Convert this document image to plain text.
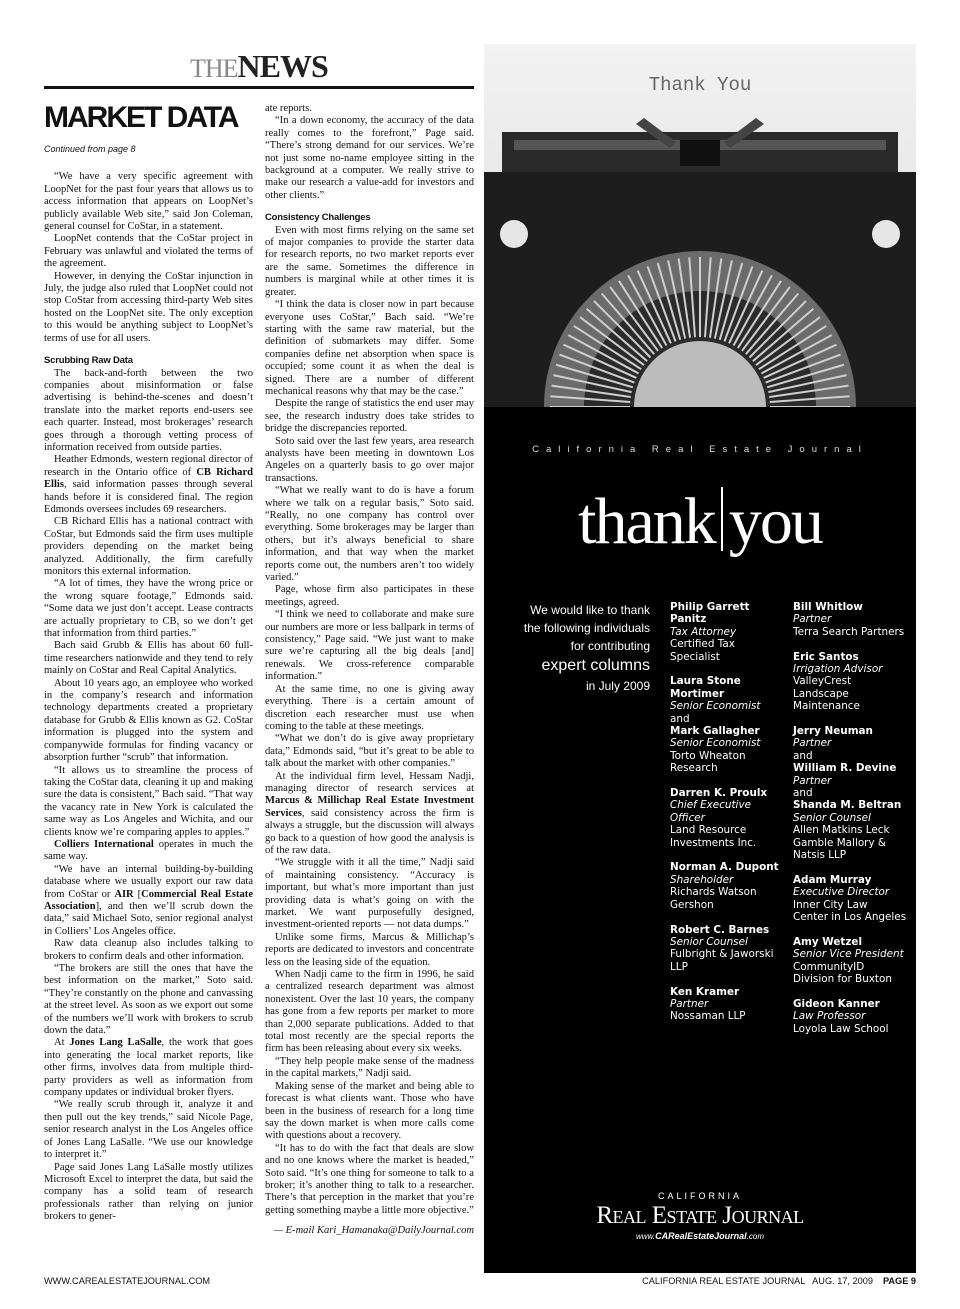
THENEWS
MARKET DATA
Continued from page 8

“We have a very specific agreement with LoopNet for the past four years that allows us to access information that appears on LoopNet’s publicly available Web site,” said Jon Coleman, general counsel for CoStar, in a statement.

LoopNet contends that the CoStar project in February was unlawful and violated the terms of the agreement.

However, in denying the CoStar injunction in July, the judge also ruled that LoopNet could not stop CoStar from accessing third-party Web sites hosted on the LoopNet site. The only exception to this would be anything subject to LoopNet’s terms of use for all users.

Scrubbing Raw Data

The back-and-forth between the two companies about misinformation or false advertising is behind-the-scenes and doesn’t translate into the market reports end-users see each quarter. Instead, most brokerages’ research goes through a thorough vetting process of information received from outside parties.

Heather Edmonds, western regional director of research in the Ontario office of CB Richard Ellis, said information passes through several hands before it is considered final. The region Edmonds oversees includes 69 researchers.

CB Richard Ellis has a national contract with CoStar, but Edmonds said the firm uses multiple providers depending on the market being analyzed. Additionally, the firm carefully monitors this external information.

“A lot of times, they have the wrong price or the wrong square footage,” Edmonds said. “Some data we just don’t accept. Lease contracts are actually proprietary to CB, so we don’t get that information from third parties.”

Bach said Grubb & Ellis has about 60 full-time researchers nationwide and they tend to rely mainly on CoStar and Real Capital Analytics.

About 10 years ago, an employee who worked in the company’s research and information technology departments created a proprietary database for Grubb & Ellis known as G2. CoStar information is plugged into the system and companywide formulas for finding vacancy or absorption further “scrub” that information.

“It allows us to streamline the process of taking the CoStar data, cleaning it up and making sure the data is consistent,” Bach said. “That way the vacancy rate in New York is calculated the same way as Los Angeles and Wichita, and our clients know we’re comparing apples to apples.”

Colliers International operates in much the same way.

“We have an internal building-by-building database where we usually export our raw data from CoStar or AIR [Commercial Real Estate Association], and then we’ll scrub down the data,” said Michael Soto, senior regional analyst in Colliers’ Los Angeles office.

Raw data cleanup also includes talking to brokers to confirm deals and other information.

“The brokers are still the ones that have the best information on the market,” Soto said. “They’re constantly on the phone and canvassing at the street level. As soon as we export out some of the numbers we’ll work with brokers to scrub down the data.”

At Jones Lang LaSalle, the work that goes into generating the local market reports, like other firms, involves data from multiple third-party providers as well as information from company updates or individual broker flyers.

“We really scrub through it, analyze it and then pull out the key trends,” said Nicole Page, senior research analyst in the Los Angeles office of Jones Lang LaSalle. “We use our knowledge to interpret it.”

Page said Jones Lang LaSalle mostly utilizes Microsoft Excel to interpret the data, but said the company has a solid team of research professionals rather than relying on junior brokers to gener-

ate reports.

“In a down economy, the accuracy of the data really comes to the forefront,” Page said. “There’s strong demand for our services. We’re not just some no-name employee sitting in the background at a computer. We really strive to make our research a value-add for investors and other clients.”

Consistency Challenges

Even with most firms relying on the same set of major companies to provide the starter data for research reports, no two market reports ever are the same. Sometimes the difference in numbers is marginal while at other times it is greater.

“I think the data is closer now in part because everyone uses CoStar,” Bach said. “We’re starting with the same raw material, but the definition of submarkets may differ. Some companies define net absorption when space is occupied; some count it as when the deal is signed. There are a number of different mechanical reasons why that may be the case.”

Despite the range of statistics the end user may see, the research industry does take strides to bridge the discrepancies reported.

Soto said over the last few years, area research analysts have been meeting in downtown Los Angeles on a quarterly basis to go over major transactions.

“What we really want to do is have a forum where we talk on a regular basis,” Soto said. “Really, no one company has control over everything. Some brokerages may be larger than others, but it’s always beneficial to share information, and that way when the market reports come out, the numbers aren’t too widely varied.”

Page, whose firm also participates in these meetings, agreed.

“I think we need to collaborate and make sure our numbers are more or less ballpark in terms of consistency,” Page said. “We just want to make sure we’re capturing all the big deals [and] renewals. We cross-reference comparable information.”

At the same time, no one is giving away everything. There is a certain amount of discretion each researcher must use when coming to the table at these meetings.

“What we don’t do is give away proprietary data,” Edmonds said, “but it’s great to be able to talk about the market with other companies.”

At the individual firm level, Hessam Nadji, managing director of research services at Marcus & Millichap Real Estate Investment Services, said consistency across the firm is always a struggle, but the discussion will always go back to a question of how good the analysis is of the raw data.

“We struggle with it all the time,” Nadji said of maintaining consistency. “Accuracy is important, but what’s more important than just providing data is what’s going on with the market. We want purposefully designed, investment-oriented reports — not data dumps.”

Unlike some firms, Marcus & Millichap’s reports are dedicated to investors and concentrate less on the leasing side of the equation.

When Nadji came to the firm in 1996, he said a centralized research department was almost nonexistent. Over the last 10 years, the company has gone from a few reports per market to more than 2,000 separate publications. Added to that total most recently are the special reports the firm has been releasing about every six weeks.

“They help people make sense of the madness in the capital markets,” Nadji said.

Making sense of the market and being able to forecast is what clients want. Those who have been in the business of research for a long time say the down market is when more calls come with questions about a recovery.

“It has to do with the fact that deals are slow and no one knows where the market is headed,” Soto said. “It’s one thing for someone to talk to a broker; it’s another thing to talk to a researcher. There’s that perception in the market that you’re getting something maybe a little more objective.”

— E-mail Kari_Hamanaka@DailyJournal.com
Thank You
California Real Estate Journal
thank you
We would like to thank
the following individuals
for contributing
expert columns
in July 2009
Philip Garrett Panitz
Tax Attorney
Certified Tax
Specialist
Laura Stone
Mortimer
Senior Economist
and
Mark Gallagher
Senior Economist
Torto Wheaton
Research
Darren K. Proulx
Chief Executive
Officer
Land Resource
Investments Inc.
Norman A. Dupont
Shareholder
Richards Watson
Gershon
Robert C. Barnes
Senior Counsel
Fulbright & Jaworski
LLP
Ken Kramer
Partner
Nossaman LLP
Bill Whitlow
Partner
Terra Search Partners
Eric Santos
Irrigation Advisor
ValleyCrest
Landscape
Maintenance
Jerry Neuman
Partner
and
William R. Devine
Partner
and
Shanda M. Beltran
Senior Counsel
Allen Matkins Leck
Gamble Mallory &
Natsis LLP
Adam Murray
Executive Director
Inner City Law
Center in Los Angeles
Amy Wetzel
Senior Vice President
CommunityID
Division for Buxton
Gideon Kanner
Law Professor
Loyola Law School
CALIFORNIA
Real Estate Journal
www.CARealEstateJournal.com
WWW.CAREALESTATEJOURNAL.COM	CALIFORNIA REAL ESTATE JOURNAL   AUG. 17, 2009 PAGE 9
